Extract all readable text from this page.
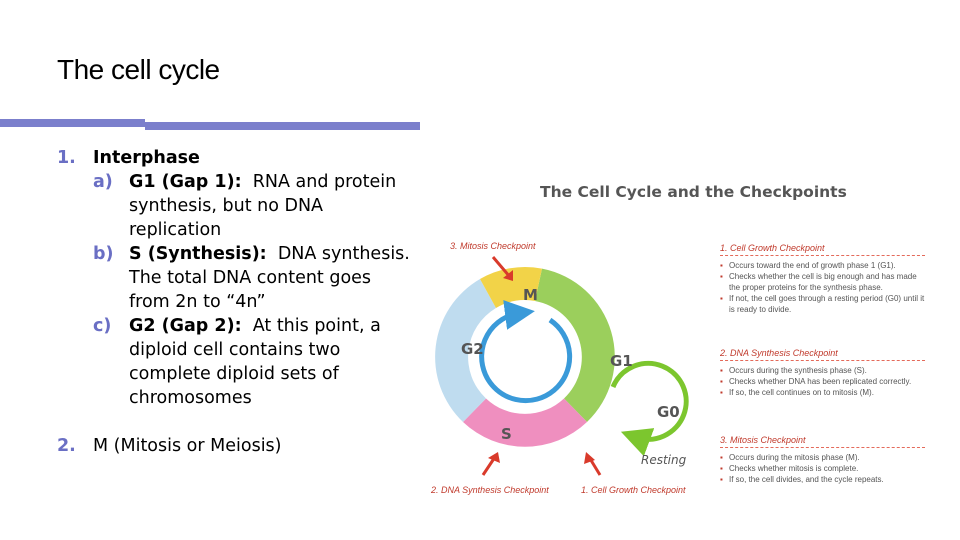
The cell cycle
1. Interphase
a) G1 (Gap 1):  RNA and protein synthesis, but no DNA replication
b) S (Synthesis):  DNA synthesis. The total DNA content goes from 2n to “4n”
c) G2 (Gap 2):  At this point, a diploid cell contains two complete diploid sets of chromosomes
2. M (Mitosis or Meiosis)
The Cell Cycle and the Checkpoints
M
G1
G2
S
G0
Resting
3. Mitosis Checkpoint
2. DNA Synthesis Checkpoint	1. Cell Growth Checkpoint
1. Cell Growth Checkpoint
▪ Occurs toward the end of growth phase 1 (G1).
▪ Checks whether the cell is big enough and has made the proper proteins for the synthesis phase.
▪ If not, the cell goes through a resting period (G0) until it is ready to divide.
2. DNA Synthesis Checkpoint
▪ Occurs during the synthesis phase (S).
▪ Checks whether DNA has been replicated correctly.
▪ If so, the cell continues on to mitosis (M).
3. Mitosis Checkpoint
▪ Occurs during the mitosis phase (M).
▪ Checks whether mitosis is complete.
▪ If so, the cell divides, and the cycle repeats.
